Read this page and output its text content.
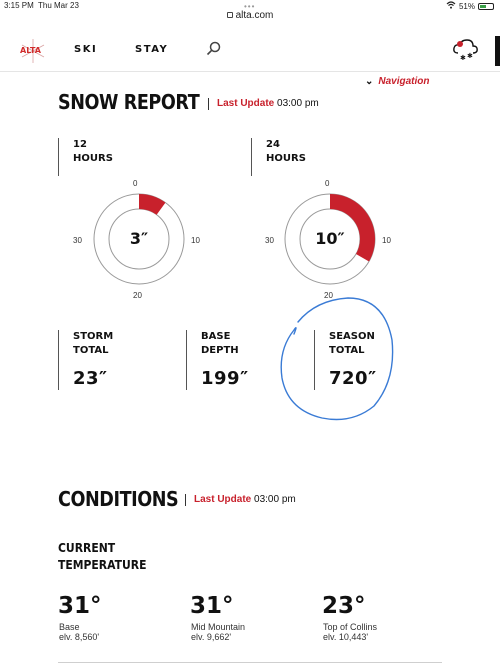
3:15 PM Thu Mar 23	•••	51%
alta.com
ALTA	SKI	STAY
✱ ✱
⌄ Navigation
SNOW REPORT	Last Update 03:00 pm
12
HOURS
0
10
20
30	3″
24
HOURS
0
10
20
30	10″
STORM
TOTAL
23″
BASE
DEPTH
199″
SEASON
TOTAL
720″
CONDITIONS	Last Update 03:00 pm
CURRENT
TEMPERATURE
31°
Base
elv. 8,560'
31°
Mid Mountain
elv. 9,662'
23°
Top of Collins
elv. 10,443'
